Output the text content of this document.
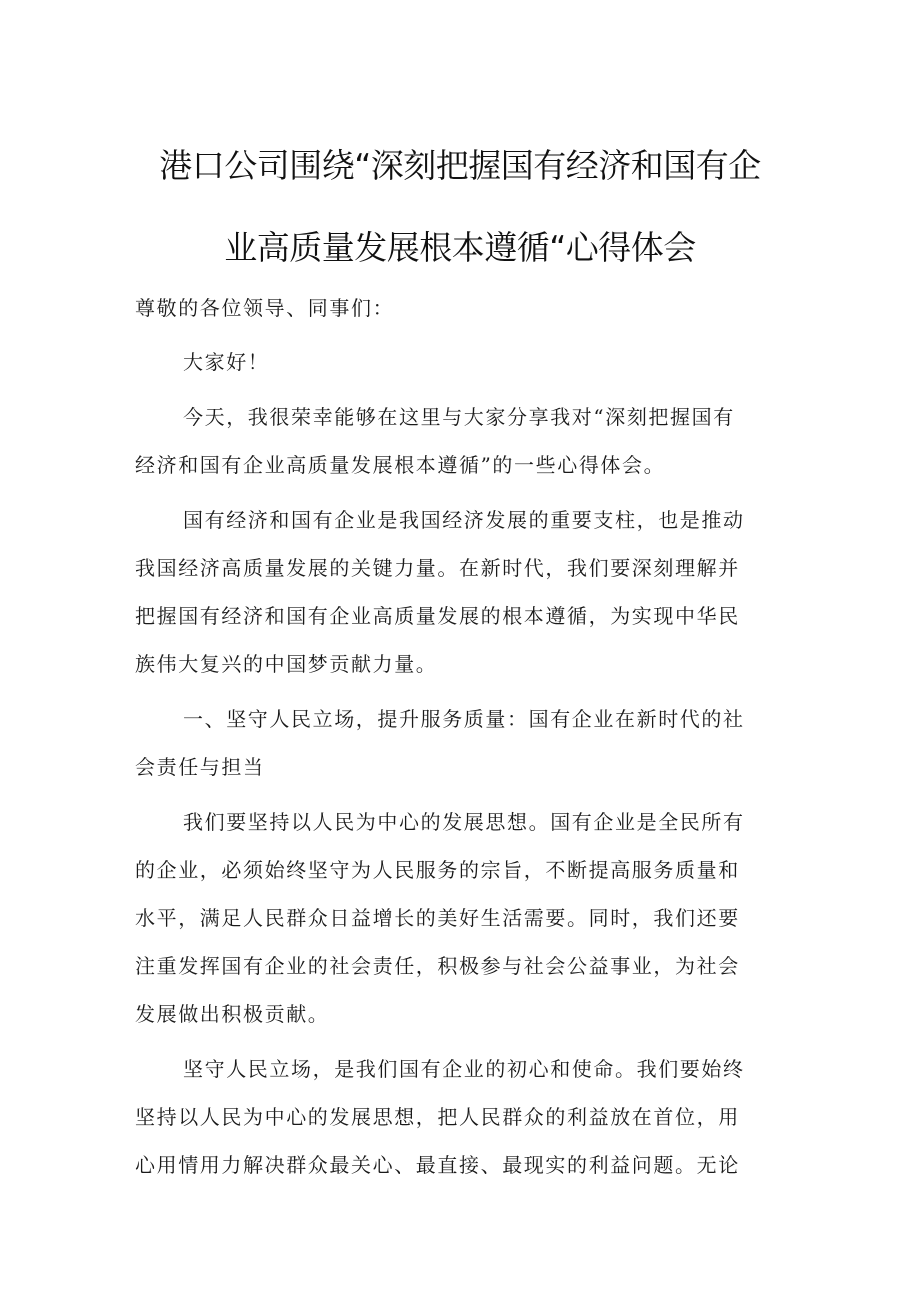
港口公司围绕“深刻把握国有经济和国有企
业高质量发展根本遵循“心得体会
尊敬的各位领导、同事们：
大家好！
今天，我很荣幸能够在这里与大家分享我对“深刻把握国有
经济和国有企业高质量发展根本遵循”的一些心得体会。
国有经济和国有企业是我国经济发展的重要支柱，也是推动
我国经济高质量发展的关键力量。在新时代，我们要深刻理解并
把握国有经济和国有企业高质量发展的根本遵循，为实现中华民
族伟大复兴的中国梦贡献力量。
一、坚守人民立场，提升服务质量：国有企业在新时代的社
会责任与担当
我们要坚持以人民为中心的发展思想。国有企业是全民所有
的企业，必须始终坚守为人民服务的宗旨，不断提高服务质量和
水平，满足人民群众日益增长的美好生活需要。同时，我们还要
注重发挥国有企业的社会责任，积极参与社会公益事业，为社会
发展做出积极贡献。
坚守人民立场，是我们国有企业的初心和使命。我们要始终
坚持以人民为中心的发展思想，把人民群众的利益放在首位，用
心用情用力解决群众最关心、最直接、最现实的利益问题。无论
